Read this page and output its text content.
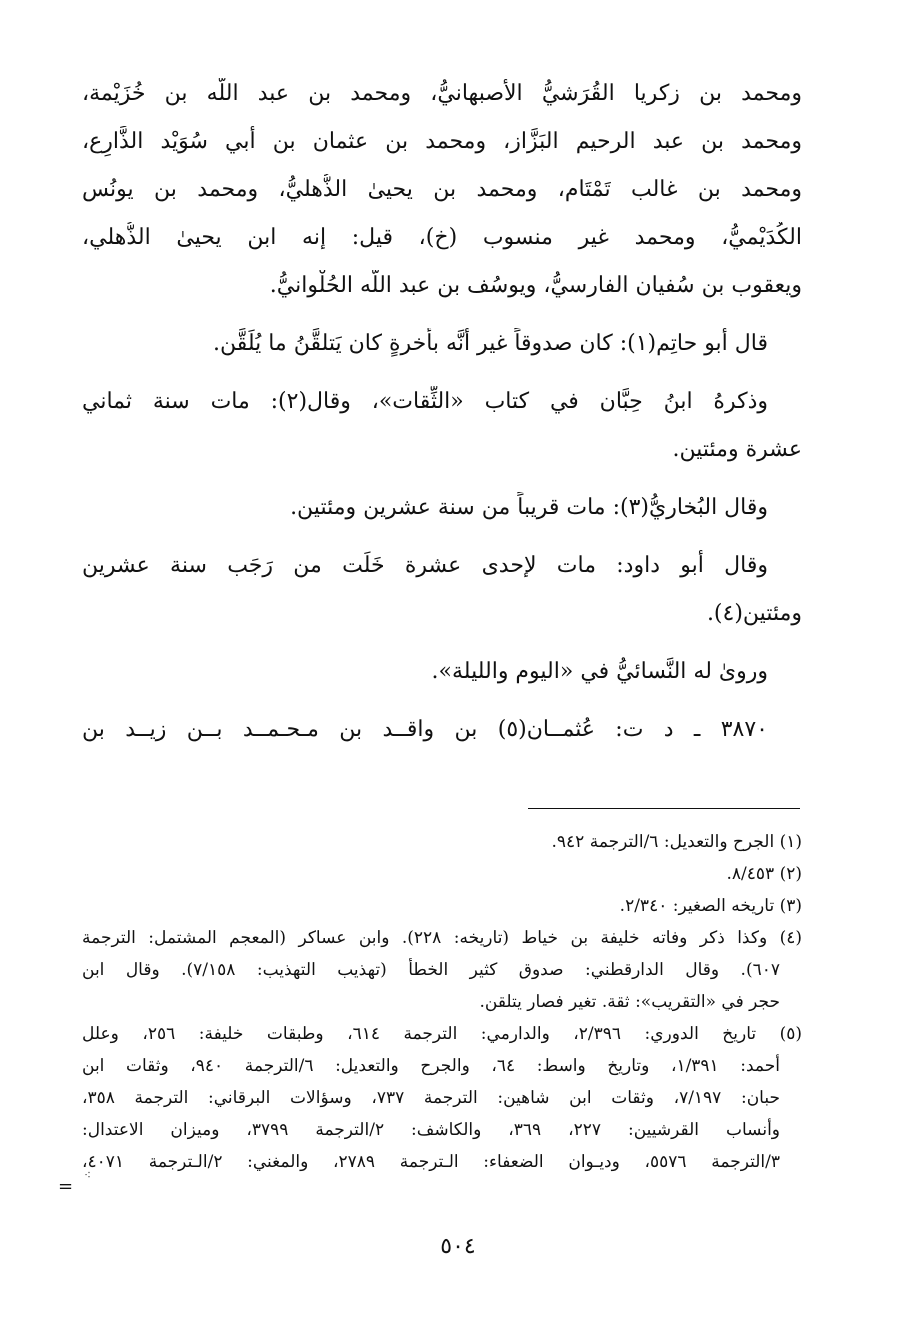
ومحمد بن زكريا القُرَشيُّ الأصبهانيُّ، ومحمد بن عبد اللَّه بن خُزَيْمة،
ومحمد بن عبد الرحيم البَزَّاز، ومحمد بن عثمان بن أبي سُوَيْد الذَّارِع،
ومحمد بن غالب تَمْتَام، ومحمد بن يحيىٰ الذُّهليُّ، ومحمد بن يونُس
الكُدَيْميُّ، ومحمد غير منسوب (خ)، قيل: إنه ابن يحيىٰ الذُّهلي،
ويعقوب بن سُفيان الفارسيُّ، ويوسُف بن عبد اللَّه الحُلْوانيُّ.
قال أبو حاتِم(١): كان صدوقاً غير أنَّه بأَخرةٍ كان يَتلقَّنُ ما يُلَقَّن.
وذكرهُ ابنُ حِبَّان في كتاب «الثِّقات»، وقال(٢): مات سنة ثماني
عشرة ومئتين.
وقال البُخاريُّ(٣): مات قريباً من سنة عشرين ومئتين.
وقال أبو داود: مات لإحدى عشرة خَلَت من رَجَب سنة عشرين
ومئتين(٤).
ورویٰ له النَّسائيُّ في «اليوم والليلة».
٣٨٧٠ ـ د ت: عُثمــان(٥) بن واقــد بن مـحـمــد بــن زيــد بن
(١) الجرح والتعديل: ٦/الترجمة ٩٤٢.
(٢) ٨/٤٥٣.
(٣) تاريخه الصغير: ٢/٣٤٠.
(٤) وكذا ذكر وفاته خليفة بن خياط (تاريخه: ٢٢٨). وابن عساكر (المعجم المشتمل: الترجمة
٦٠٧). وقال الدارقطني: صدوق كثير الخطأ (تهذيب التهذيب: ٧/١٥٨). وقال ابن
حجر في «التقريب»: ثقة. تغير فصار يتلقن.
(٥) تاريخ الدوري: ٢/٣٩٦، والدارمي: الترجمة ٦١٤، وطبقات خليفة: ٢٥٦، وعلل
أحمد: ١/٣٩١، وتاريخ واسط: ٦٤، والجرح والتعديل: ٦/الترجمة ٩٤٠، وثقات ابن
حبان: ٧/١٩٧، وثقات ابن شاهين: الترجمة ٧٣٧، وسؤالات البرقاني: الترجمة ٣٥٨،
وأنساب القرشيين: ٢٢٧، ٣٦٩، والكاشف: ٢/الترجمة ٣٧٩٩، وميزان الاعتدال:
٣/الترجمة ٥٥٧٦، وديـوان الضعفاء: الـترجمة ٢٧٨٩، والمغني: ٢/الـترجمة ٤٠٧١،
⁖
=
٥٠٤
